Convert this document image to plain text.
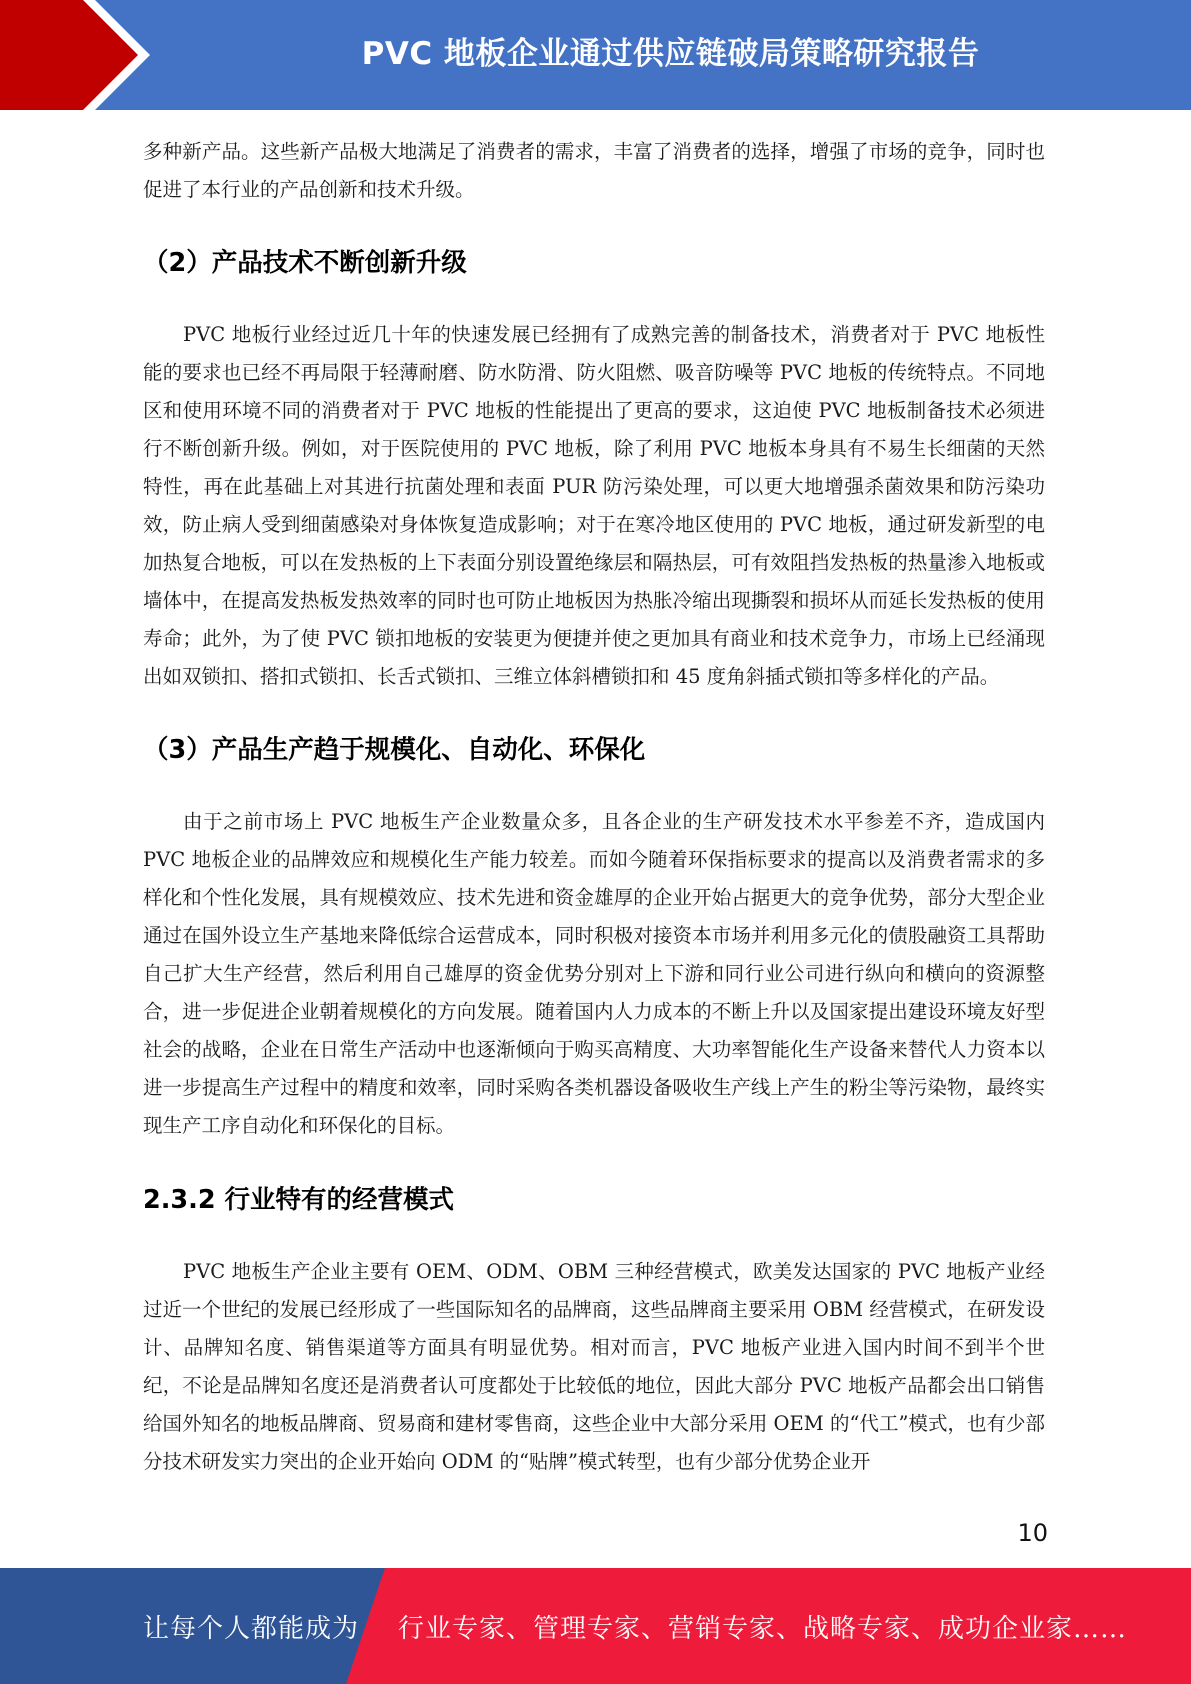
PVC 地板企业通过供应链破局策略研究报告

多种新产品。这些新产品极大地满足了消费者的需求，丰富了消费者的选择，增强了市场的竞争，同时也促进了本行业的产品创新和技术升级。

（2）产品技术不断创新升级

PVC 地板行业经过近几十年的快速发展已经拥有了成熟完善的制备技术，消费者对于 PVC 地板性能的要求也已经不再局限于轻薄耐磨、防水防滑、防火阻燃、吸音防噪等 PVC 地板的传统特点。不同地区和使用环境不同的消费者对于 PVC 地板的性能提出了更高的要求，这迫使 PVC 地板制备技术必须进行不断创新升级。例如，对于医院使用的 PVC 地板，除了利用 PVC 地板本身具有不易生长细菌的天然特性，再在此基础上对其进行抗菌处理和表面 PUR 防污染处理，可以更大地增强杀菌效果和防污染功效，防止病人受到细菌感染对身体恢复造成影响；对于在寒冷地区使用的 PVC 地板，通过研发新型的电加热复合地板，可以在发热板的上下表面分别设置绝缘层和隔热层，可有效阻挡发热板的热量渗入地板或墙体中，在提高发热板发热效率的同时也可防止地板因为热胀冷缩出现撕裂和损坏从而延长发热板的使用寿命；此外，为了使 PVC 锁扣地板的安装更为便捷并使之更加具有商业和技术竞争力，市场上已经涌现出如双锁扣、搭扣式锁扣、长舌式锁扣、三维立体斜槽锁扣和 45 度角斜插式锁扣等多样化的产品。

（3）产品生产趋于规模化、自动化、环保化

由于之前市场上 PVC 地板生产企业数量众多，且各企业的生产研发技术水平参差不齐，造成国内 PVC 地板企业的品牌效应和规模化生产能力较差。而如今随着环保指标要求的提高以及消费者需求的多样化和个性化发展，具有规模效应、技术先进和资金雄厚的企业开始占据更大的竞争优势，部分大型企业通过在国外设立生产基地来降低综合运营成本，同时积极对接资本市场并利用多元化的债股融资工具帮助自己扩大生产经营，然后利用自己雄厚的资金优势分别对上下游和同行业公司进行纵向和横向的资源整合，进一步促进企业朝着规模化的方向发展。随着国内人力成本的不断上升以及国家提出建设环境友好型社会的战略，企业在日常生产活动中也逐渐倾向于购买高精度、大功率智能化生产设备来替代人力资本以进一步提高生产过程中的精度和效率，同时采购各类机器设备吸收生产线上产生的粉尘等污染物，最终实现生产工序自动化和环保化的目标。

2.3.2 行业特有的经营模式

PVC 地板生产企业主要有 OEM、ODM、OBM 三种经营模式，欧美发达国家的 PVC 地板产业经过近一个世纪的发展已经形成了一些国际知名的品牌商，这些品牌商主要采用 OBM 经营模式，在研发设计、品牌知名度、销售渠道等方面具有明显优势。相对而言，PVC 地板产业进入国内时间不到半个世纪，不论是品牌知名度还是消费者认可度都处于比较低的地位，因此大部分 PVC 地板产品都会出口销售给国外知名的地板品牌商、贸易商和建材零售商，这些企业中大部分采用 OEM 的“代工”模式，也有少部分技术研发实力突出的企业开始向 ODM 的“贴牌”模式转型，也有少部分优势企业开

10
让每个人都能成为 行业专家、管理专家、营销专家、战略专家、成功企业家……
